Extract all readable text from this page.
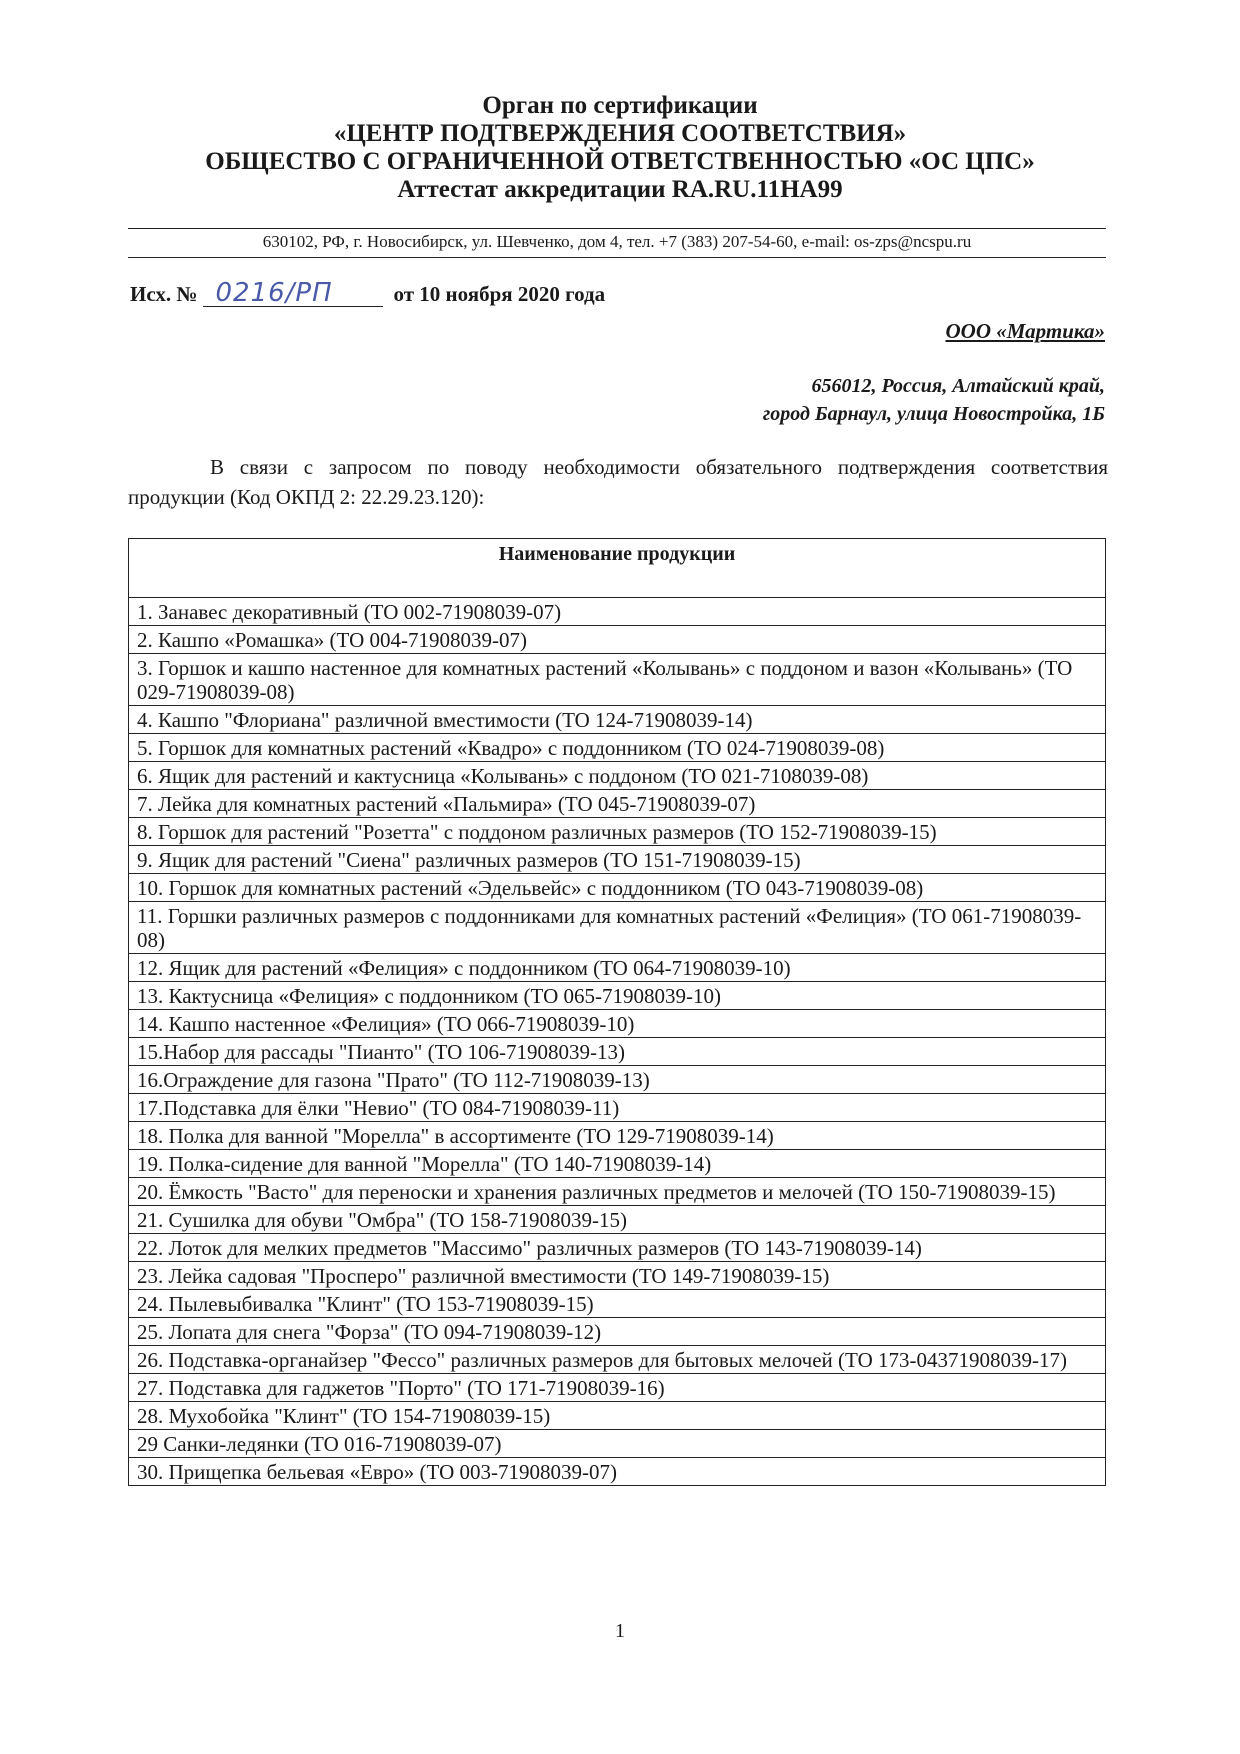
Орган по сертификации
«ЦЕНТР ПОДТВЕРЖДЕНИЯ СООТВЕТСТВИЯ»
ОБЩЕСТВО С ОГРАНИЧЕННОЙ ОТВЕТСТВЕННОСТЬЮ «ОС ЦПС»
Аттестат аккредитации RA.RU.11HA99
630102, РФ, г. Новосибирск, ул. Шевченко, дом 4, тел. +7 (383) 207-54-60, e-mail: os-zps@ncspu.ru
Исх. № 0216/РП	от 10 ноября 2020 года
ООО «Мартика»
656012, Россия, Алтайский край,
город Барнаул, улица Новостройка, 1Б
В связи с запросом по поводу необходимости обязательного подтверждения соответствия продукции (Код ОКПД 2: 22.29.23.120):
Наименование продукции
1. Занавес декоративный (ТО 002-71908039-07)
2. Кашпо «Ромашка» (ТО 004-71908039-07)
3. Горшок и кашпо настенное для комнатных растений «Колывань» с поддоном и вазон «Колывань» (ТО 029-71908039-08)
4. Кашпо "Флориана" различной вместимости (ТО 124-71908039-14)
5. Горшок для комнатных растений «Квадро» с поддонником (ТО 024-71908039-08)
6. Ящик для растений и кактусница «Колывань» с поддоном (ТО 021-7108039-08)
7. Лейка для комнатных растений «Пальмира» (ТО 045-71908039-07)
8. Горшок для растений "Розетта" с поддоном различных размеров (ТО 152-71908039-15)
9. Ящик для растений "Сиена" различных размеров (ТО 151-71908039-15)
10. Горшок для комнатных растений «Эдельвейс» с поддонником (ТО 043-71908039-08)
11. Горшки различных размеров с поддонниками для комнатных растений «Фелиция» (ТО 061-71908039-08)
12. Ящик для растений «Фелиция» с поддонником (ТО 064-71908039-10)
13. Кактусница «Фелиция» с поддонником (ТО 065-71908039-10)
14. Кашпо настенное «Фелиция» (ТО 066-71908039-10)
15.Набор для рассады "Пианто" (ТО 106-71908039-13)
16.Ограждение для газона "Прато" (ТО 112-71908039-13)
17.Подставка для ёлки "Невио" (ТО 084-71908039-11)
18. Полка для ванной "Морелла" в ассортименте (ТО 129-71908039-14)
19. Полка-сидение для ванной "Морелла" (ТО 140-71908039-14)
20. Ёмкость "Васто" для переноски и хранения различных предметов и мелочей (ТО 150-71908039-15)
21. Сушилка для обуви "Омбра" (ТО 158-71908039-15)
22. Лоток для мелких предметов "Массимо" различных размеров (ТО 143-71908039-14)
23. Лейка садовая "Просперо" различной вместимости (ТО 149-71908039-15)
24. Пылевыбивалка "Клинт" (ТО 153-71908039-15)
25. Лопата для снега "Форза" (ТО 094-71908039-12)
26. Подставка-органайзер "Фессо" различных размеров для бытовых мелочей (ТО 173-04371908039-17)
27. Подставка для гаджетов "Порто" (ТО 171-71908039-16)
28. Мухобойка "Клинт" (ТО 154-71908039-15)
29 Санки-ледянки (ТО 016-71908039-07)
30. Прищепка бельевая «Евро» (ТО 003-71908039-07)
1
